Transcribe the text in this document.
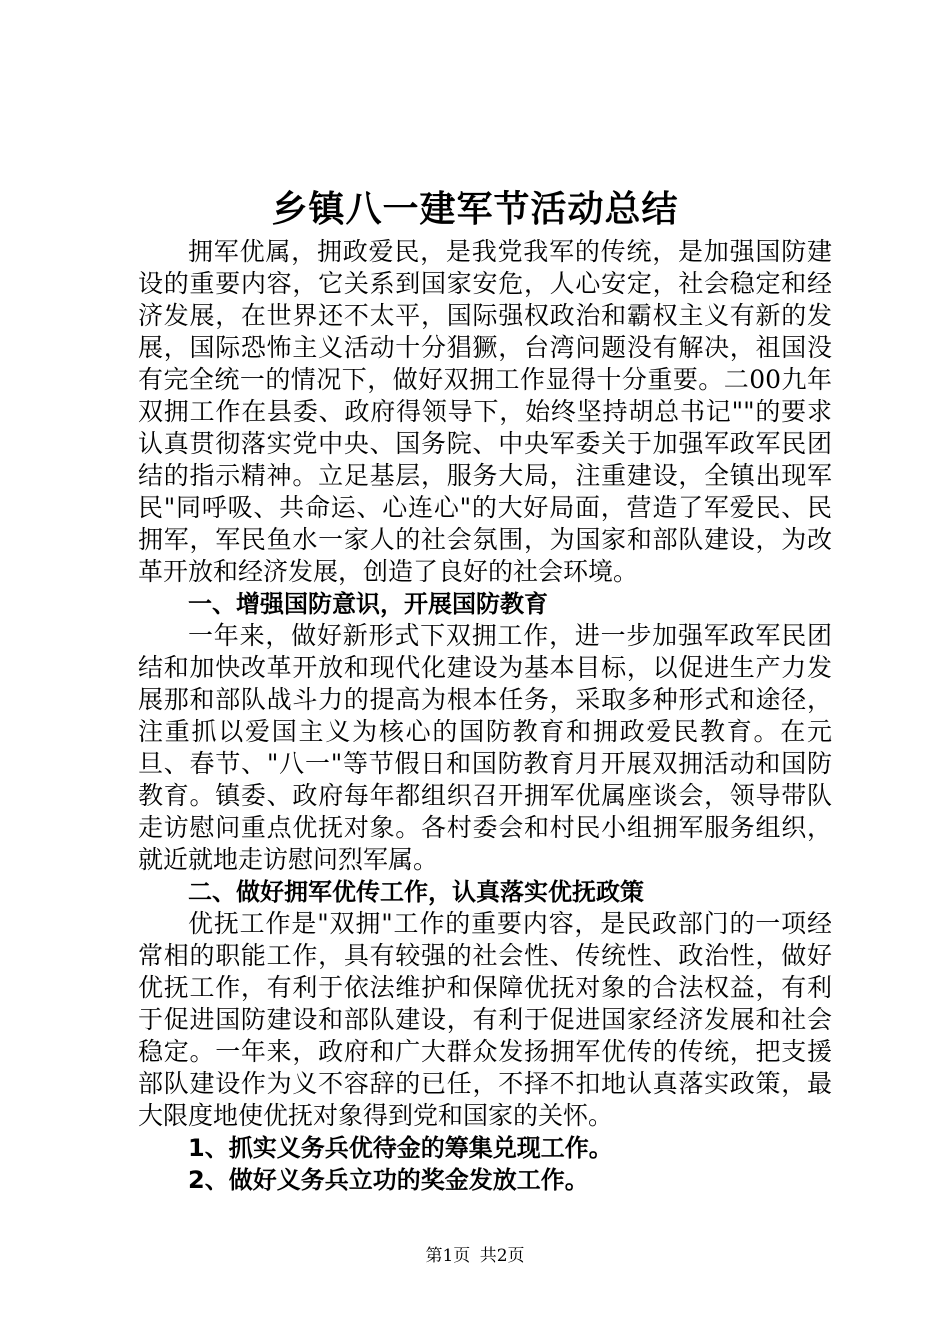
乡镇八一建军节活动总结

拥军优属，拥政爱民，是我党我军的传统，是加强国防建设的重要内容，它关系到国家安危，人心安定，社会稳定和经济发展，在世界还不太平，国际强权政治和霸权主义有新的发展，国际恐怖主义活动十分猖獗，台湾问题没有解决，祖国没有完全统一的情况下，做好双拥工作显得十分重要。二00九年双拥工作在县委、政府得领导下，始终坚持胡总书记""的要求认真贯彻落实党中央、国务院、中央军委关于加强军政军民团结的指示精神。立足基层，服务大局，注重建设，全镇出现军民"同呼吸、共命运、心连心"的大好局面，营造了军爱民、民拥军，军民鱼水一家人的社会氛围，为国家和部队建设，为改革开放和经济发展，创造了良好的社会环境。

一、增强国防意识，开展国防教育

一年来，做好新形式下双拥工作，进一步加强军政军民团结和加快改革开放和现代化建设为基本目标，以促进生产力发展那和部队战斗力的提高为根本任务，采取多种形式和途径，注重抓以爱国主义为核心的国防教育和拥政爱民教育。在元旦、春节、"八一"等节假日和国防教育月开展双拥活动和国防教育。镇委、政府每年都组织召开拥军优属座谈会，领导带队走访慰问重点优抚对象。各村委会和村民小组拥军服务组织，就近就地走访慰问烈军属。

二、做好拥军优传工作，认真落实优抚政策

优抚工作是"双拥"工作的重要内容，是民政部门的一项经常相的职能工作，具有较强的社会性、传统性、政治性，做好优抚工作，有利于依法维护和保障优抚对象的合法权益，有利于促进国防建设和部队建设，有利于促进国家经济发展和社会稳定。一年来，政府和广大群众发扬拥军优传的传统，把支援部队建设作为义不容辞的已任，不择不扣地认真落实政策，最大限度地使优抚对象得到党和国家的关怀。

1、抓实义务兵优待金的筹集兑现工作。

2、做好义务兵立功的奖金发放工作。

第1页 共2页
